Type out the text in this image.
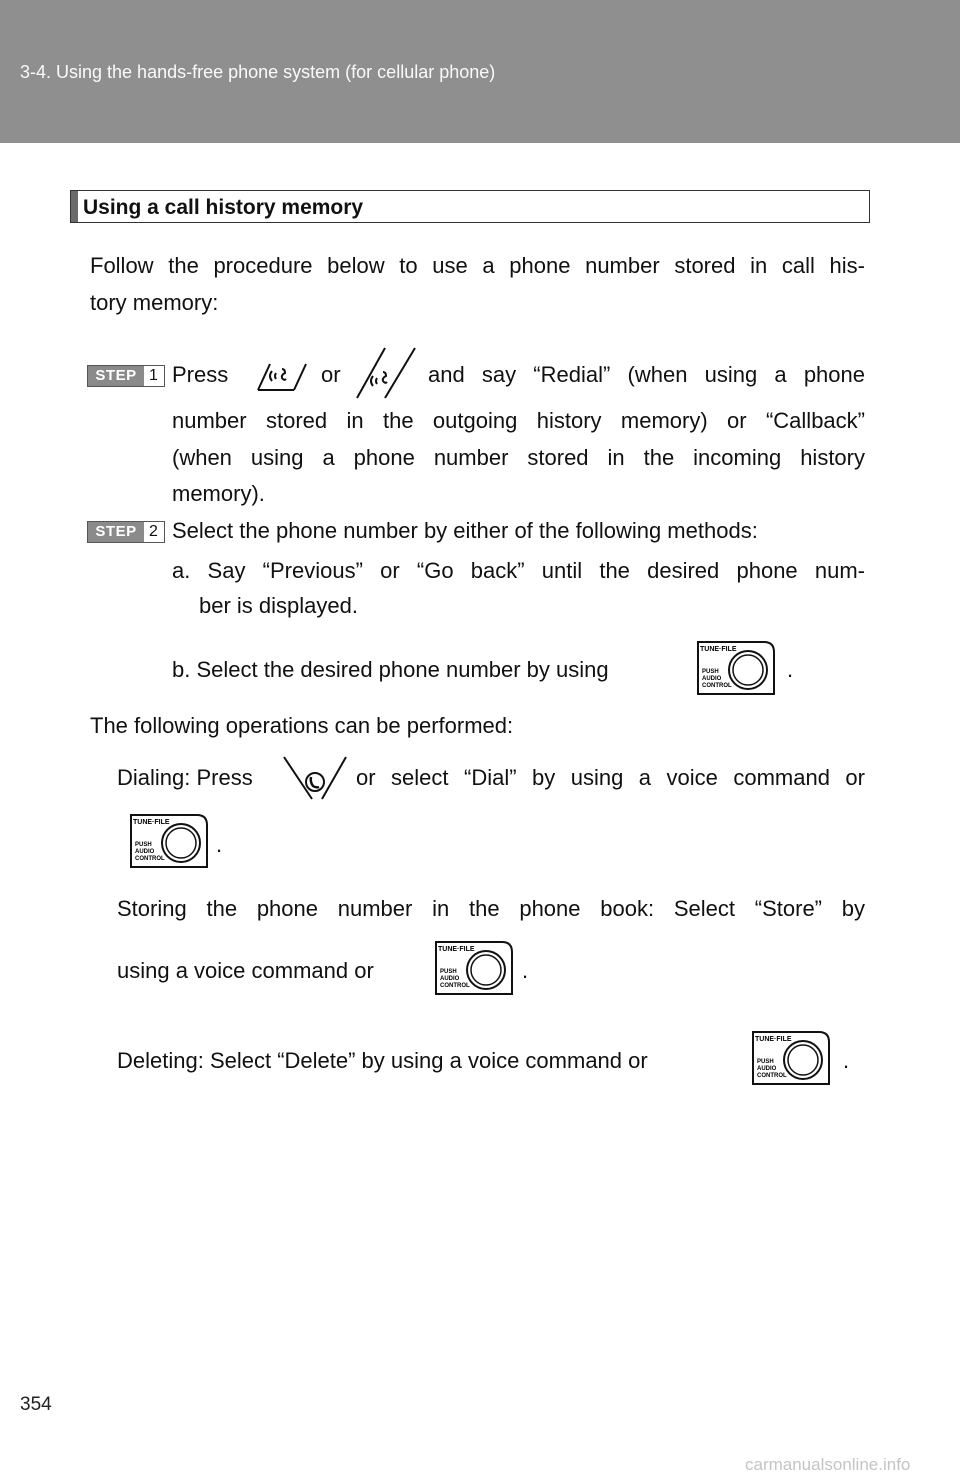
3-4. Using the hands-free phone system (for cellular phone)
Using a call history memory
Follow the procedure below to use a phone number stored in call his-
tory memory:
STEP 1 Press	or	and say “Redial” (when using a phone
number stored in the outgoing history memory) or “Callback”
(when using a phone number stored in the incoming history
memory).
STEP 2 Select the phone number by either of the following methods:
a. Say “Previous” or “Go back” until the desired phone num-
ber is displayed.
b. Select the desired phone number by using
TUNE·FILE
PUSH
AUDIO
CONTROL
.
The following operations can be performed:
Dialing: Press	or select “Dial” by using a voice command or
TUNE·FILE
PUSH
AUDIO
CONTROL
.
Storing the phone number in the phone book: Select “Store” by
using a voice command or
TUNE·FILE
PUSH
AUDIO
CONTROL
.
Deleting: Select “Delete” by using a voice command or
TUNE·FILE
PUSH
AUDIO
CONTROL
.
354
carmanualsonline.info
